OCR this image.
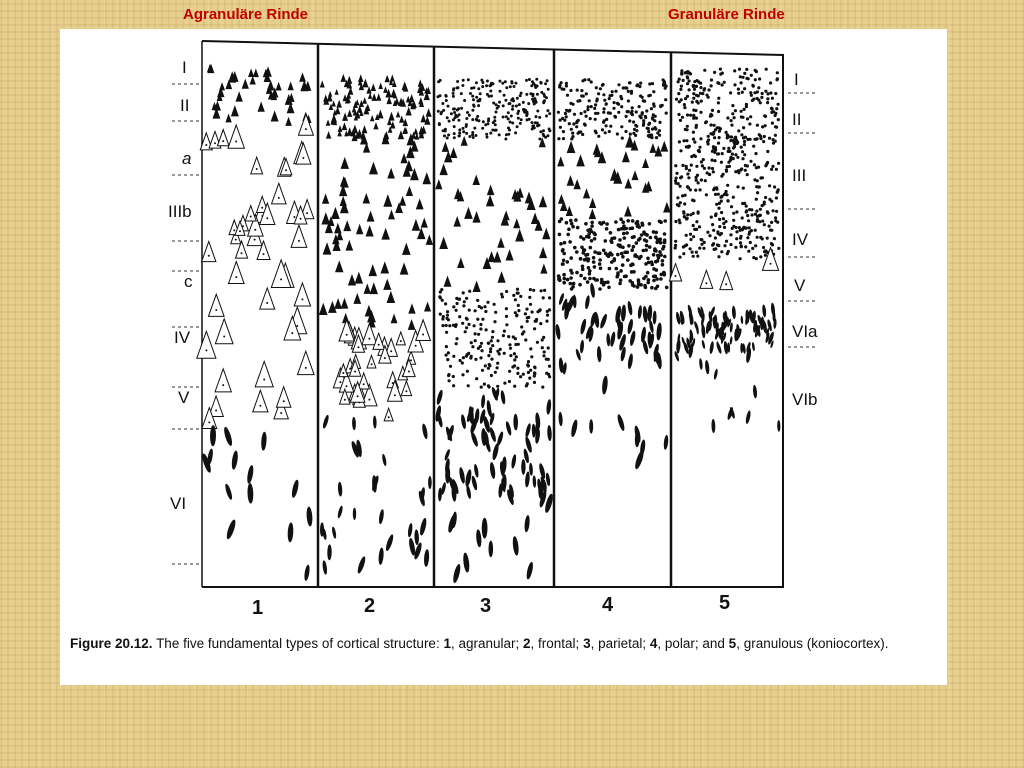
Agranuläre Rinde	Granuläre Rinde
I
II
a
IIIb
c
IV
V
VI
I
II
III
IV
V
VIa
VIb
1	2	3	4	5
Figure 20.12. The five fundamental types of cortical structure: 1, agranular; 2, frontal; 3, parietal; 4, polar; and 5, granulous (koniocortex).
